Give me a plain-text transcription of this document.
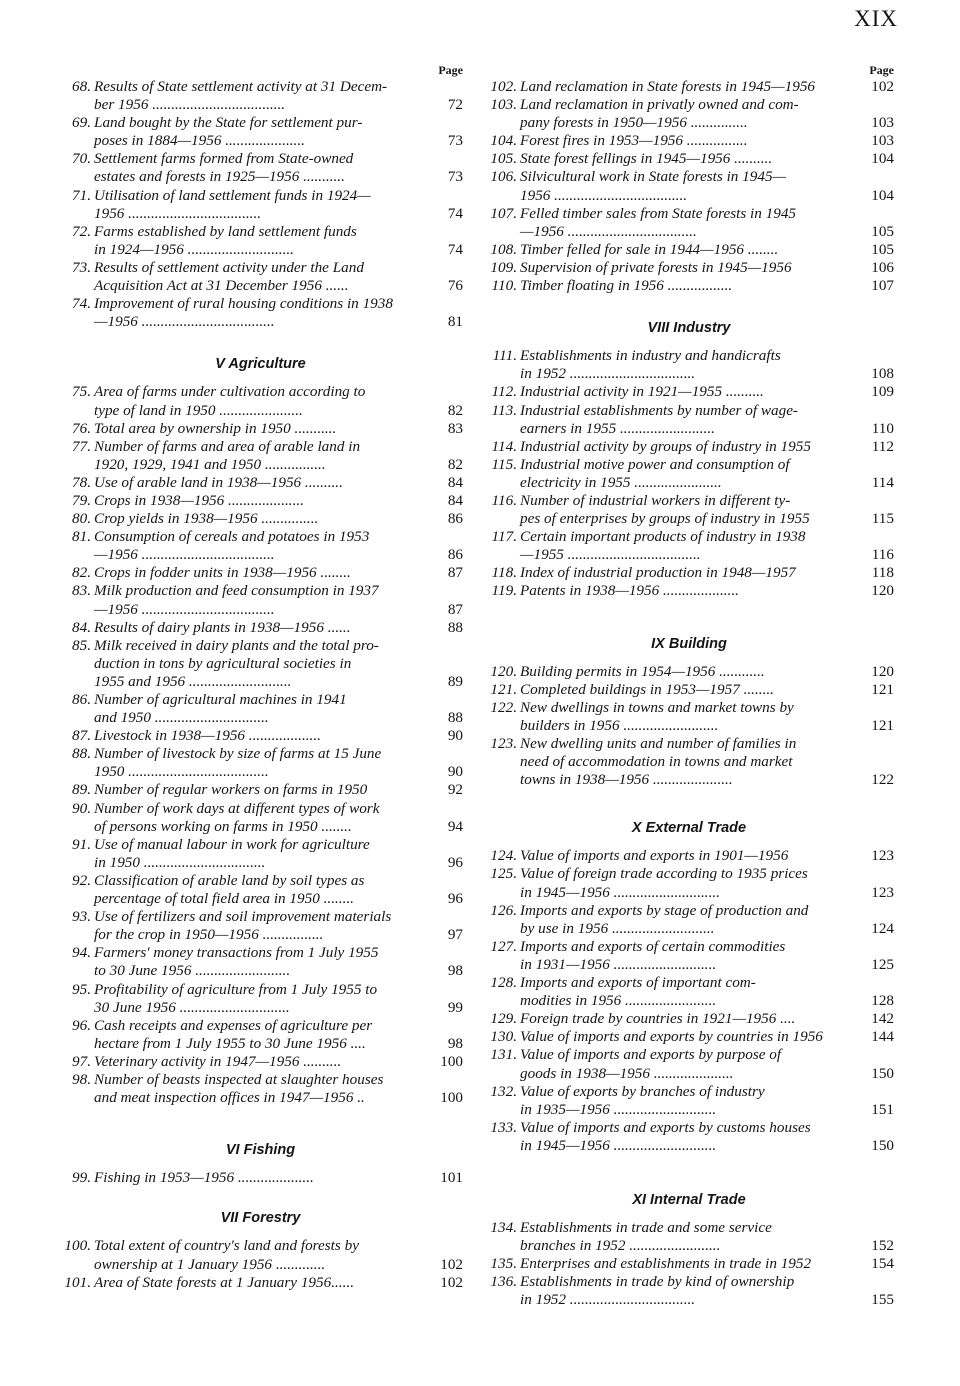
XIX
Page
68. Results of State settlement activity at 31 Decem-
ber 1956 ...................................	72
69. Land bought by the State for settlement pur-
poses in 1884—1956 .....................	73
70. Settlement farms formed from State-owned
estates and forests in 1925—1956 ...........	73
71. Utilisation of land settlement funds in 1924—
1956 ...................................	74
72. Farms established by land settlement funds
in 1924—1956 ............................	74
73. Results of settlement activity under the Land
Acquisition Act at 31 December 1956 ......	76
74. Improvement of rural housing conditions in 1938
—1956 ...................................	81
V Agriculture
75. Area of farms under cultivation according to
type of land in 1950 ......................	82
76. Total area by ownership in 1950 ...........	83
77. Number of farms and area of arable land in
1920, 1929, 1941 and 1950 ................	82
78. Use of arable land in 1938—1956 ..........	84
79. Crops in 1938—1956 ....................	84
80. Crop yields in 1938—1956 ...............	86
81. Consumption of cereals and potatoes in 1953
—1956 ...................................	86
82. Crops in fodder units in 1938—1956 ........	87
83. Milk production and feed consumption in 1937
—1956 ...................................	87
84. Results of dairy plants in 1938—1956 ......	88
85. Milk received in dairy plants and the total pro-
duction in tons by agricultural societies in
1955 and 1956 ...........................	89
86. Number of agricultural machines in 1941
and 1950 ..............................	88
87. Livestock in 1938—1956 ...................	90
88. Number of livestock by size of farms at 15 June
1950 .....................................	90
89. Number of regular workers on farms in 1950	92
90. Number of work days at different types of work
of persons working on farms in 1950 ........	94
91. Use of manual labour in work for agriculture
in 1950 ................................	96
92. Classification of arable land by soil types as
percentage of total field area in 1950 ........	96
93. Use of fertilizers and soil improvement materials
for the crop in 1950—1956 ................	97
94. Farmers' money transactions from 1 July 1955
to 30 June 1956 .........................	98
95. Profitability of agriculture from 1 July 1955 to
30 June 1956 .............................	99
96. Cash receipts and expenses of agriculture per
hectare from 1 July 1955 to 30 June 1956 ....	98
97. Veterinary activity in 1947—1956 ..........	100
98. Number of beasts inspected at slaughter houses
and meat inspection offices in 1947—1956 ..	100
VI Fishing
99. Fishing in 1953—1956 ....................	101
VII Forestry
100. Total extent of country's land and forests by
ownership at 1 January 1956 .............	102
101. Area of State forests at 1 January 1956......	102
Page
102. Land reclamation in State forests in 1945—1956	102
103. Land reclamation in privatly owned and com-
pany forests in 1950—1956 ...............	103
104. Forest fires in 1953—1956 ................	103
105. State forest fellings in 1945—1956 ..........	104
106. Silvicultural work in State forests in 1945—
1956 ...................................	104
107. Felled timber sales from State forests in 1945
—1956 ..................................	105
108. Timber felled for sale in 1944—1956 ........	105
109. Supervision of private forests in 1945—1956	106
110. Timber floating in 1956 .................	107
VIII Industry
111. Establishments in industry and handicrafts
in 1952 .................................	108
112. Industrial activity in 1921—1955 ..........	109
113. Industrial establishments by number of wage-
earners in 1955 .........................	110
114. Industrial activity by groups of industry in 1955	112
115. Industrial motive power and consumption of
electricity in 1955 .......................	114
116. Number of industrial workers in different ty-
pes of enterprises by groups of industry in 1955	115
117. Certain important products of industry in 1938
—1955 ...................................	116
118. Index of industrial production in 1948—1957	118
119. Patents in 1938—1956 ....................	120
IX Building
120. Building permits in 1954—1956 ............	120
121. Completed buildings in 1953—1957 ........	121
122. New dwellings in towns and market towns by
builders in 1956 .........................	121
123. New dwelling units and number of families in
need of accommodation in towns and market
towns in 1938—1956 .....................	122
X External Trade
124. Value of imports and exports in 1901—1956	123
125. Value of foreign trade according to 1935 prices
in 1945—1956 ............................	123
126. Imports and exports by stage of production and
by use in 1956 ...........................	124
127. Imports and exports of certain commodities
in 1931—1956 ...........................	125
128. Imports and exports of important com-
modities in 1956 ........................	128
129. Foreign trade by countries in 1921—1956 ....	142
130. Value of imports and exports by countries in 1956	144
131. Value of imports and exports by purpose of
goods in 1938—1956 .....................	150
132. Value of exports by branches of industry
in 1935—1956 ...........................	151
133. Value of imports and exports by customs houses
in 1945—1956 ...........................	150
XI Internal Trade
134. Establishments in trade and some service
branches in 1952 ........................	152
135. Enterprises and establishments in trade in 1952	154
136. Establishments in trade by kind of ownership
in 1952 .................................	155
